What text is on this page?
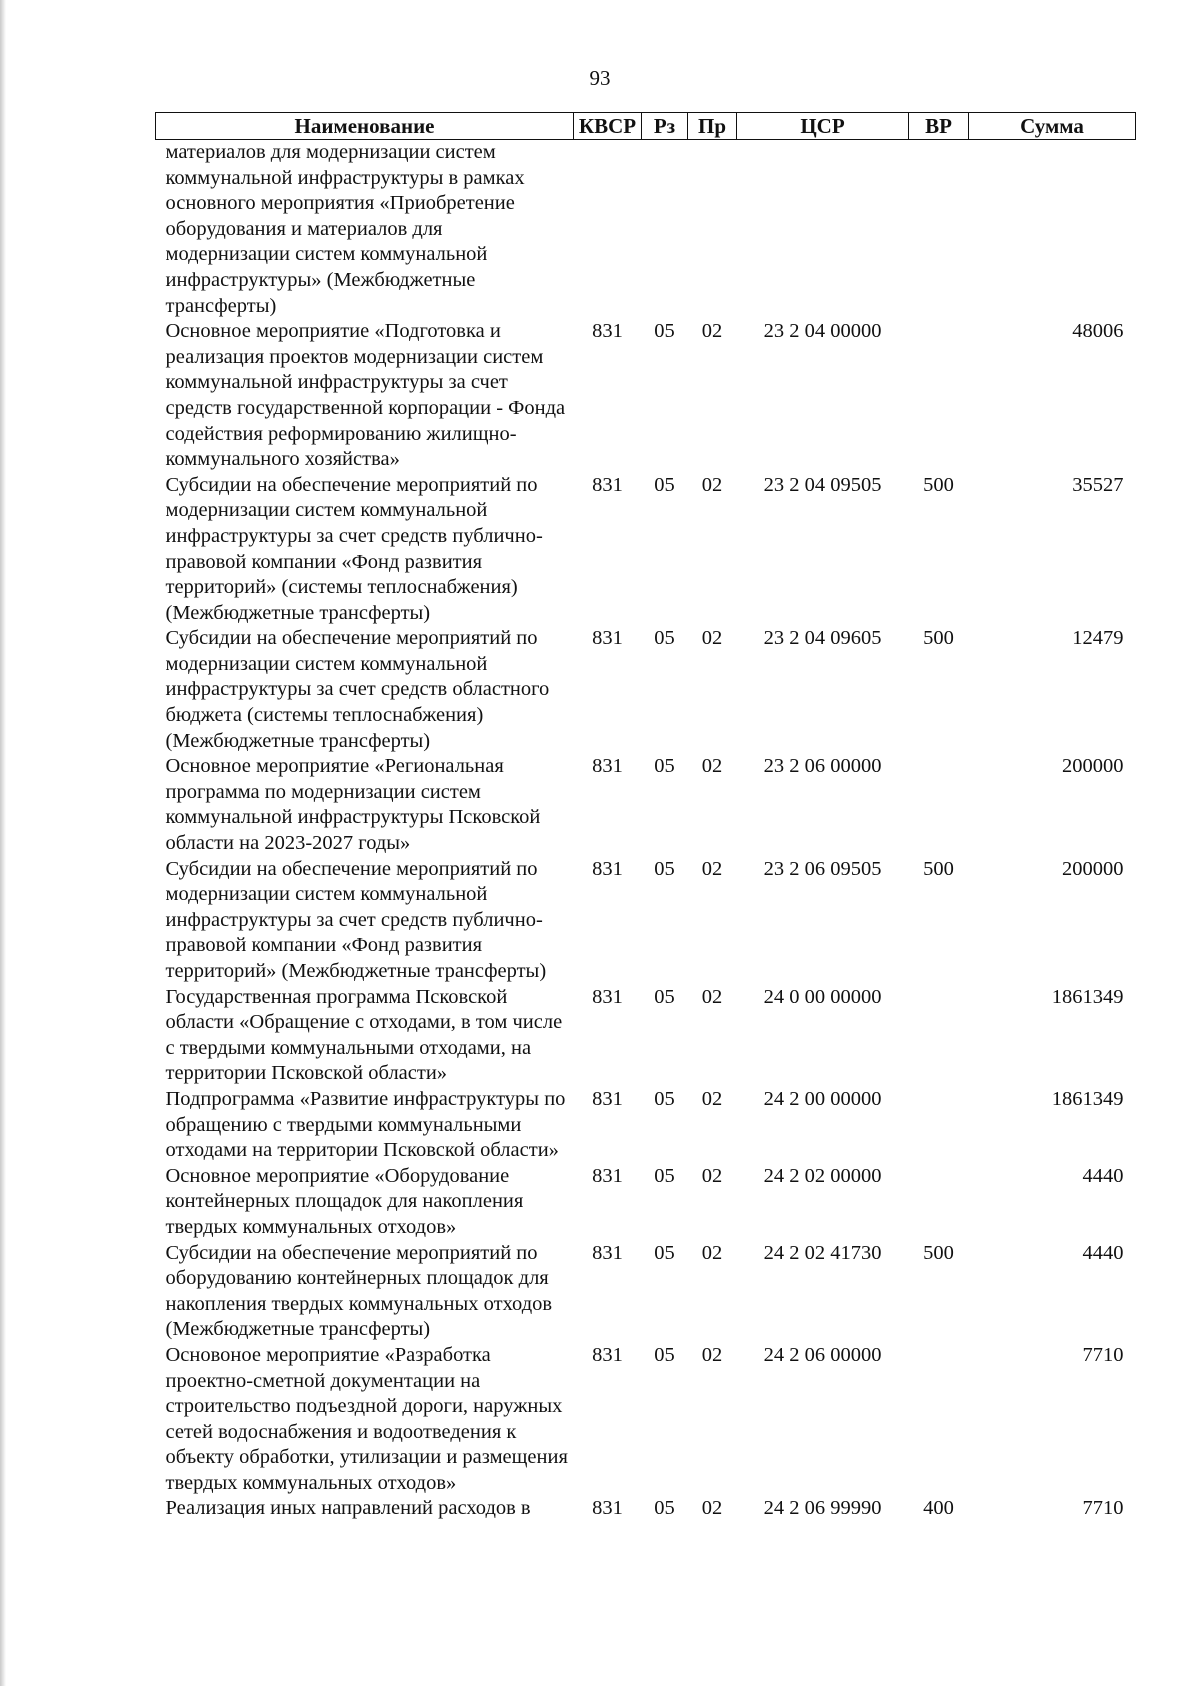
93
Наименование	КВСР	Рз	Пр	ЦСР	ВР	Сумма
материалов для модернизации систем коммунальной инфраструктуры в рамках основного мероприятия «Приобретение оборудования и материалов для модернизации систем коммунальной инфраструктуры» (Межбюджетные трансферты)						
Основное мероприятие «Подготовка и реализация проектов модернизации систем коммунальной инфраструктуры за счет средств государственной корпорации - Фонда содействия реформированию жилищно-коммунального хозяйства»	831	05	02	23 2 04 00000		48006
Субсидии на обеспечение мероприятий по модернизации систем коммунальной инфраструктуры за счет средств публично-правовой компании «Фонд развития территорий» (системы теплоснабжения) (Межбюджетные трансферты)	831	05	02	23 2 04 09505	500	35527
Субсидии на обеспечение мероприятий по модернизации систем коммунальной инфраструктуры за счет средств областного бюджета (системы теплоснабжения) (Межбюджетные трансферты)	831	05	02	23 2 04 09605	500	12479
Основное мероприятие «Региональная программа по модернизации систем коммунальной инфраструктуры Псковской области на 2023-2027 годы»	831	05	02	23 2 06 00000		200000
Субсидии на обеспечение мероприятий по модернизации систем коммунальной инфраструктуры за счет средств публично-правовой компании «Фонд развития территорий» (Межбюджетные трансферты)	831	05	02	23 2 06 09505	500	200000
Государственная программа Псковской области «Обращение с отходами, в том числе с твердыми коммунальными отходами, на территории Псковской области»	831	05	02	24 0 00 00000		1861349
Подпрограмма «Развитие инфраструктуры по обращению с твердыми коммунальными отходами на территории Псковской области»	831	05	02	24 2 00 00000		1861349
Основное мероприятие «Оборудование контейнерных площадок для накопления твердых коммунальных отходов»	831	05	02	24 2 02 00000		4440
Субсидии на обеспечение мероприятий по оборудованию контейнерных площадок для накопления твердых коммунальных отходов (Межбюджетные трансферты)	831	05	02	24 2 02 41730	500	4440
Основоное мероприятие «Разработка проектно-сметной документации на строительство подъездной дороги, наружных сетей водоснабжения и водоотведения к объекту обработки, утилизации и размещения твердых коммунальных отходов»	831	05	02	24 2 06 00000		7710
Реализация иных направлений расходов в	831	05	02	24 2 06 99990	400	7710
